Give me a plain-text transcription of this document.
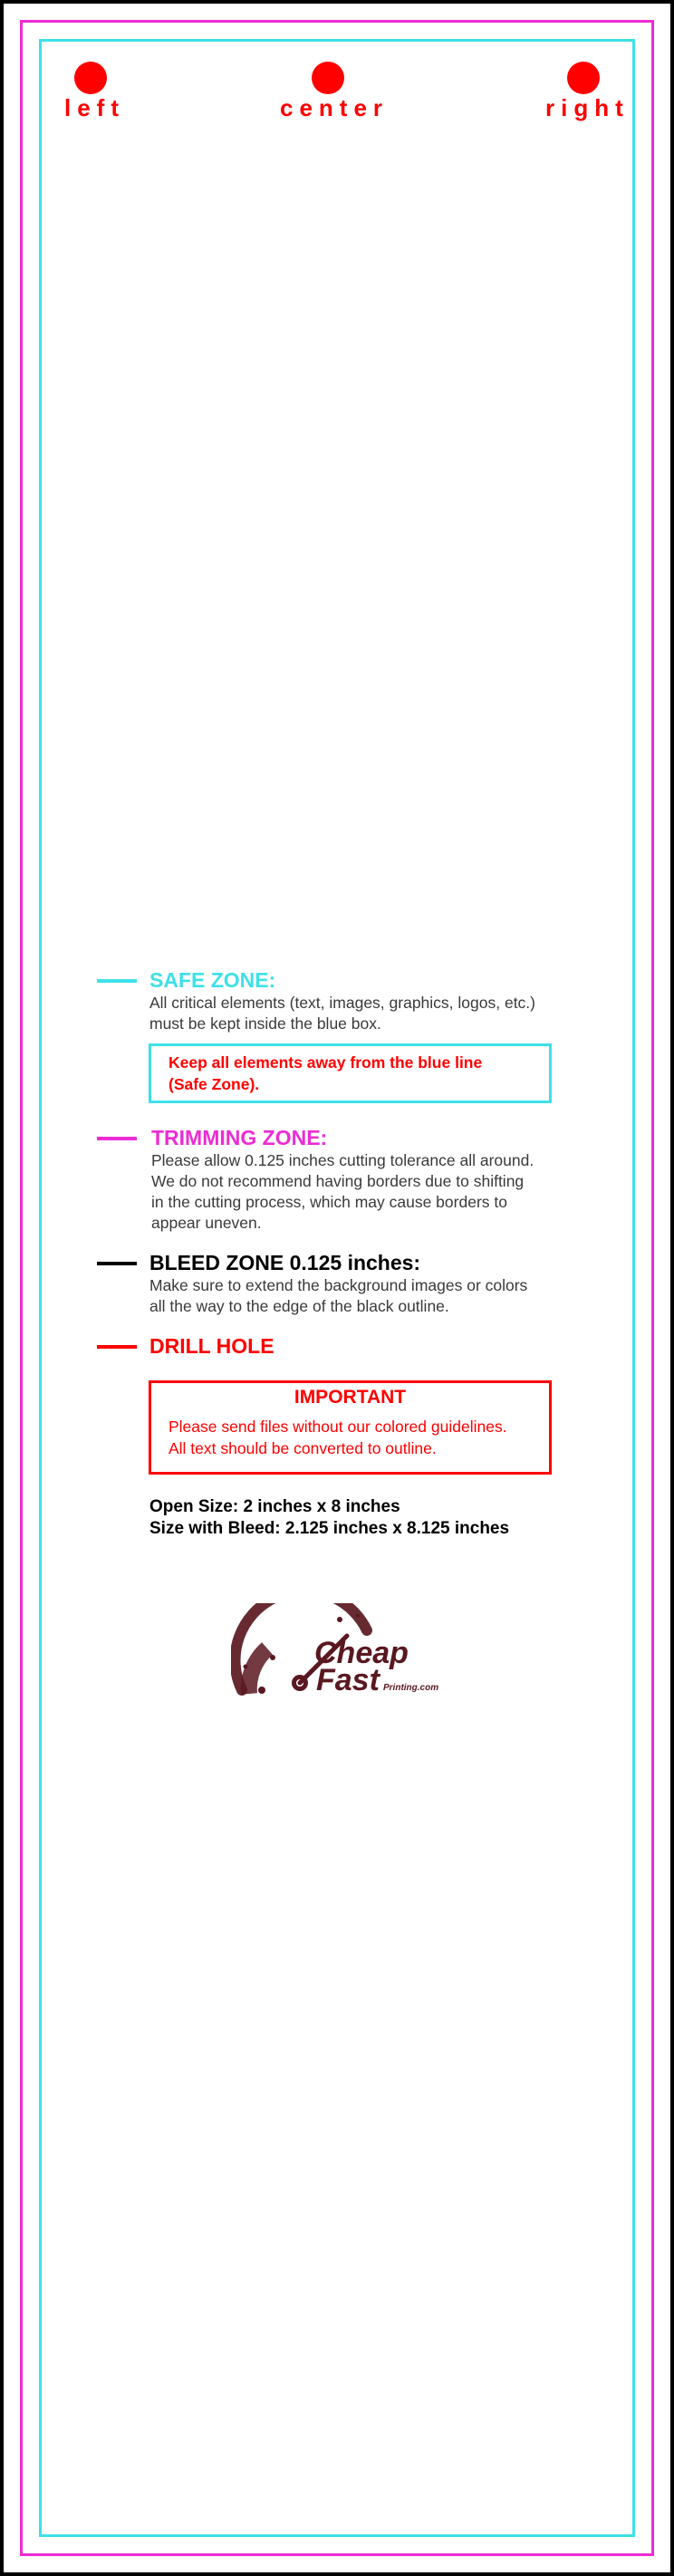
left	center	right
SAFE ZONE:
All critical elements (text, images, graphics, logos, etc.)
must be kept inside the blue box.
Keep all elements away from the blue line
(Safe Zone).
TRIMMING ZONE:
Please allow 0.125 inches cutting tolerance all around.
We do not recommend having borders due to shifting
in the cutting process, which may cause borders to
appear uneven.
BLEED ZONE 0.125 inches:
Make sure to extend the background images or colors
all the way to the edge of the black outline.
DRILL HOLE
IMPORTANT
Please send files without our colored guidelines.
All text should be converted to outline.
Open Size: 2 inches x 8 inches
Size with Bleed: 2.125 inches x 8.125 inches
Cheap
Fast Printing.com
